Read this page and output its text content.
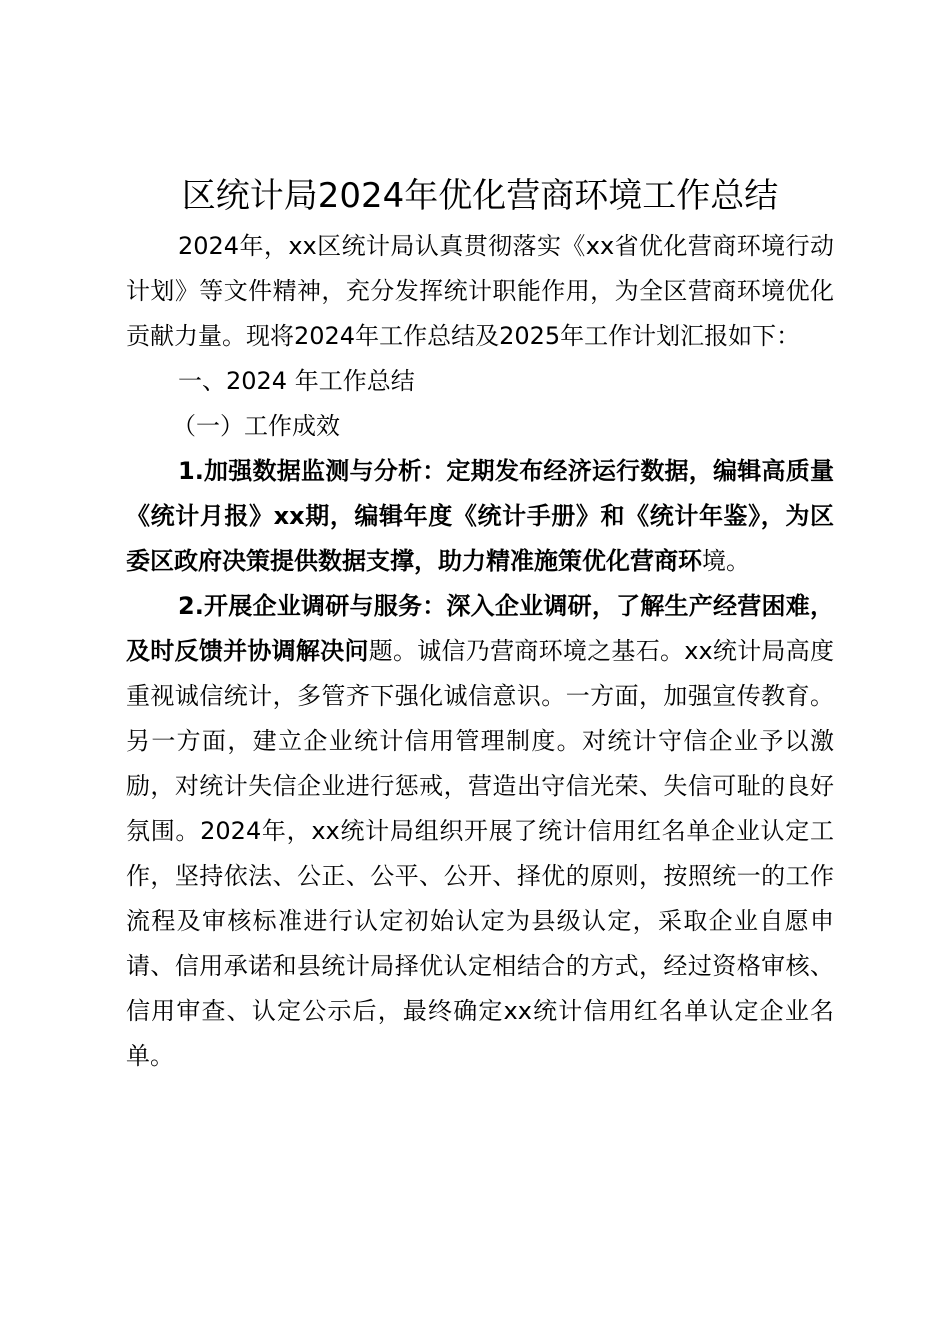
区统计局2024年优化营商环境工作总结

2024年，xx区统计局认真贯彻落实《xx省优化营商环境行动计划》等文件精神，充分发挥统计职能作用，为全区营商环境优化贡献力量。现将2024年工作总结及2025年工作计划汇报如下：

一、2024 年工作总结

（一）工作成效

1.加强数据监测与分析：定期发布经济运行数据，编辑高质量《统计月报》xx期，编辑年度《统计手册》和《统计年鉴》，为区委区政府决策提供数据支撑，助力精准施策优化营商环境。

2.开展企业调研与服务：深入企业调研，了解生产经营困难，及时反馈并协调解决问题。诚信乃营商环境之基石。xx统计局高度重视诚信统计，多管齐下强化诚信意识。一方面，加强宣传教育。另一方面，建立企业统计信用管理制度。对统计守信企业予以激励，对统计失信企业进行惩戒，营造出守信光荣、失信可耻的良好氛围。2024年，xx统计局组织开展了统计信用红名单企业认定工作，坚持依法、公正、公平、公开、择优的原则，按照统一的工作流程及审核标准进行认定初始认定为县级认定，采取企业自愿申请、信用承诺和县统计局择优认定相结合的方式，经过资格审核、信用审查、认定公示后，最终确定xx统计信用红名单认定企业名单。
